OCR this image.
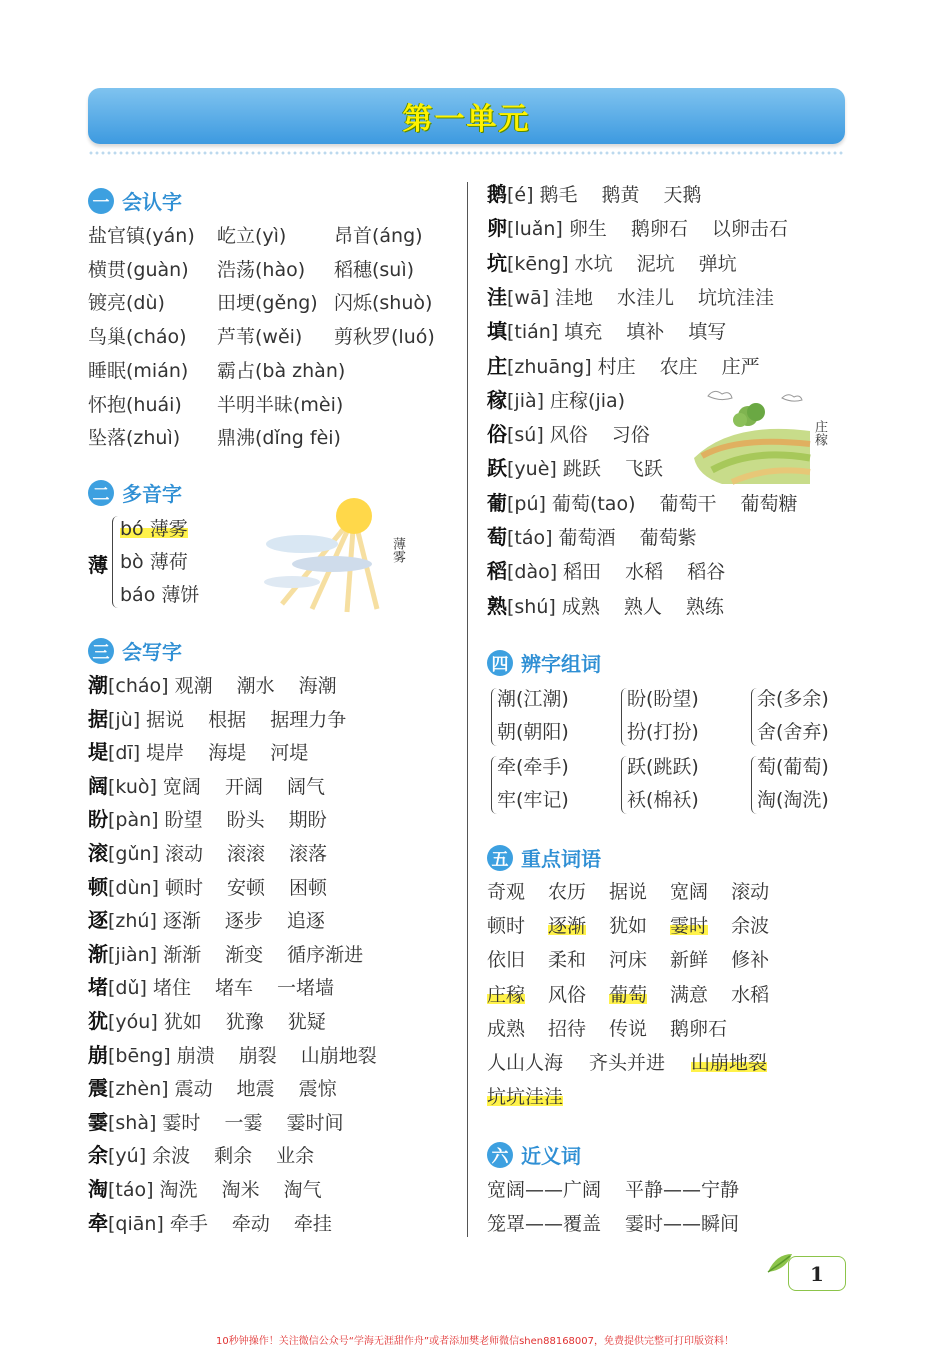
第一单元
一 会认字
盐官镇(yán) 屹立(yì)	昂首(áng)
横贯(guàn) 浩荡(hào) 稻穗(suì)
镀亮(dù)	田埂(gěng) 闪烁(shuò)
鸟巢(cháo) 芦苇(wěi) 剪秋罗(luó)
睡眠(mián) 霸占(bà zhàn)
怀抱(huái) 半明半昧(mèi)
坠落(zhuì) 鼎沸(dǐng fèi)
二 多音字
薄
bó 薄雾
bò 薄荷
báo 薄饼
薄雾
三 会写字
潮[cháo] 观潮 潮水 海潮
据[jù] 据说 根据 据理力争
堤[dī] 堤岸 海堤 河堤
阔[kuò] 宽阔 开阔 阔气
盼[pàn] 盼望 盼头 期盼
滚[gǔn] 滚动 滚滚 滚落
顿[dùn] 顿时 安顿 困顿
逐[zhú] 逐渐 逐步 追逐
渐[jiàn] 渐渐 渐变 循序渐进
堵[dǔ] 堵住 堵车 一堵墙
犹[yóu] 犹如 犹豫 犹疑
崩[bēng] 崩溃 崩裂 山崩地裂
震[zhèn] 震动 地震 震惊
霎[shà] 霎时 一霎 霎时间
余[yú] 余波 剩余 业余
淘[táo] 淘洗 淘米 淘气
牵[qiān] 牵手 牵动 牵挂
鹅[é] 鹅毛 鹅黄 天鹅
卵[luǎn] 卵生 鹅卵石 以卵击石
坑[kēng] 水坑 泥坑 弹坑
洼[wā] 洼地 水洼儿 坑坑洼洼
填[tián] 填充 填补 填写
庄[zhuāng] 村庄 农庄 庄严
稼[jià] 庄稼(jia)
俗[sú] 风俗 习俗
跃[yuè] 跳跃 飞跃
葡[pú] 葡萄(tao) 葡萄干 葡萄糖
萄[táo] 葡萄酒 葡萄紫
稻[dào] 稻田 水稻 稻谷
熟[shú] 成熟 熟人 熟练
庄稼
四 辨字组词
潮(江潮)
朝(朝阳)
盼(盼望)
扮(打扮)
余(多余)
舍(舍弃)
牵(牵手)
牢(牢记)
跃(跳跃)
袄(棉袄)
萄(葡萄)
淘(淘洗)
五 重点词语
奇观 农历 据说 宽阔 滚动
顿时 逐渐 犹如 霎时 余波
依旧 柔和 河床 新鲜 修补
庄稼 风俗 葡萄 满意 水稻
成熟 招待 传说 鹅卵石
人山人海 齐头并进 山崩地裂
坑坑洼洼
六 近义词
宽阔——广阔 平静——宁静
笼罩——覆盖 霎时——瞬间
1
10秒钟操作！关注微信公众号“学海无涯甜作舟”或者添加樊老师微信shen88168007，免费提供完整可打印版资料！
